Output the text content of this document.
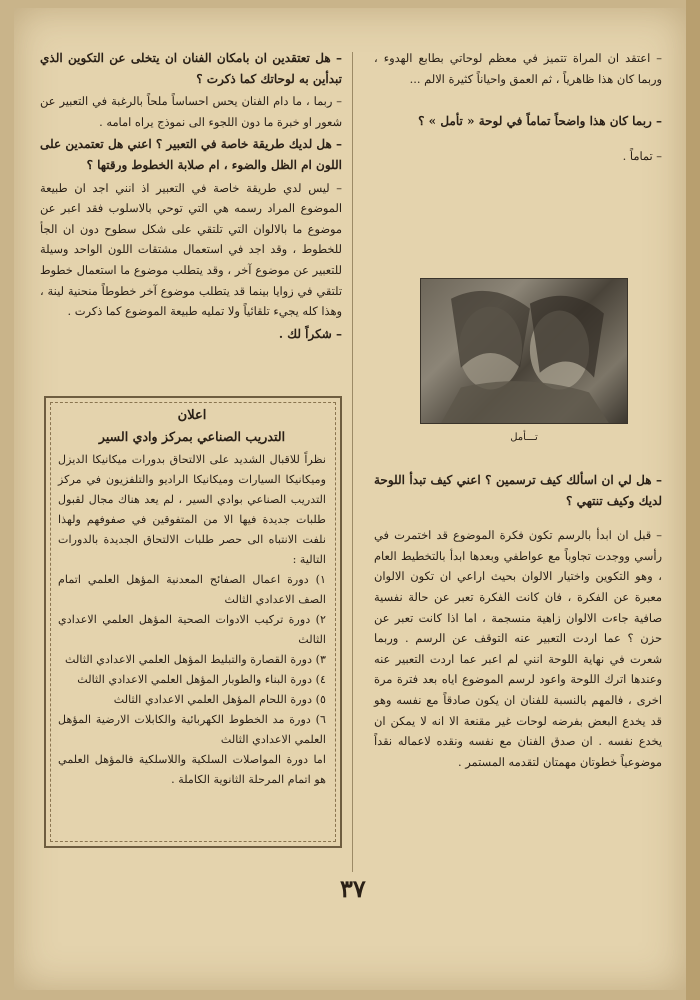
– اعتقد ان المراة تتميز في معظم لوحاتي بطابع الهدوء ، وربما كان هذا ظاهرياً ، ثم العمق واحياناً كثيرة الالم ...

– ربما كان هذا واضحاً تماماً في لوحة « تأمل » ؟

– تماماً .

تـــأمل

– هل لي ان اسألك كيف ترسمين ؟ اعني كيف تبدأ اللوحة لديك وكيف تنتهي ؟

– قبل ان ابدأ بالرسم تكون فكرة الموضوع قد اختمرت في رأسي ووجدت تجاوباً مع عواطفي وبعدها ابدأ بالتخطيط العام ، وهو التكوين واختيار الالوان بحيث اراعي ان تكون الالوان معبرة عن الفكرة ، فان كانت الفكرة تعبر عن حالة نفسية صافية جاءت الالوان زاهية منسجمة ، اما اذا كانت تعبر عن حزن ؟ عما اردت التعبير عنه التوقف عن الرسم . وربما شعرت في نهاية اللوحة انني لم اعبر عما اردت التعبير عنه وعندها اترك اللوحة واعود لرسم الموضوع اياه بعد فترة مرة اخرى ، فالمهم بالنسبة للفنان ان يكون صادقاً مع نفسه وهو قد يخدع البعض بفرضه لوحات غير مقنعة الا انه لا يمكن ان يخدع نفسه . ان صدق الفنان مع نفسه ونقده لاعماله نقداً موضوعياً خطوتان مهمتان لتقدمه المستمر .

– هل تعتقدين ان بامكان الفنان ان يتخلى عن التكوين الذي تبدأين به لوحاتك كما ذكرت ؟

– ربما ، ما دام الفنان يحس احساساً ملحاً بالرغبة في التعبير عن شعور او خبرة ما دون اللجوء الى نموذج يراه امامه .

– هل لديك طريقة خاصة في التعبير ؟ اعني هل تعتمدين على اللون ام الظل والضوء ، ام صلابة الخطوط ورقتها ؟

– ليس لدي طريقة خاصة في التعبير اذ انني اجد ان طبيعة الموضوع المراد رسمه هي التي توحي بالاسلوب فقد اعبر عن موضوع ما بالالوان التي تلتقي على شكل سطوح دون ان الجأ للخطوط ، وقد اجد في استعمال مشتقات اللون الواحد وسيلة للتعبير عن موضوع آخر ، وقد يتطلب موضوع ما استعمال خطوط تلتقي في زوايا بينما قد يتطلب موضوع آخر خطوطاً منحنية لينة ، وهذا كله يجيء تلقائياً ولا تمليه طبيعة الموضوع كما ذكرت .

– شكراً لك .

اعلان
التدريب الصناعي بمركز وادي السير
نظراً للاقبال الشديد على الالتحاق بدورات ميكانيكا الديزل وميكانيكا السيارات وميكانيكا الراديو والتلفزيون في مركز التدريب الصناعي بوادي السير ، لم يعد هناك مجال لقبول طلبات جديدة فيها الا من المتفوقين في صفوفهم ولهذا نلفت الانتباه الى حصر طلبات الالتحاق الجديدة بالدورات التالية :
١) دورة اعمال الصفائح المعدنية المؤهل العلمي اتمام الصف الاعدادي الثالث
٢) دورة تركيب الادوات الصحية المؤهل العلمي الاعدادي الثالث
٣) دورة القصارة والتبليط المؤهل العلمي الاعدادي الثالث
٤) دورة البناء والطوبار المؤهل العلمي الاعدادي الثالث
٥) دورة اللحام المؤهل العلمي الاعدادي الثالث
٦) دورة مد الخطوط الكهربائية والكابلات الارضية المؤهل العلمي الاعدادي الثالث
اما دورة المواصلات السلكية واللاسلكية فالمؤهل العلمي هو اتمام المرحلة الثانوية الكاملة .
٣٧
